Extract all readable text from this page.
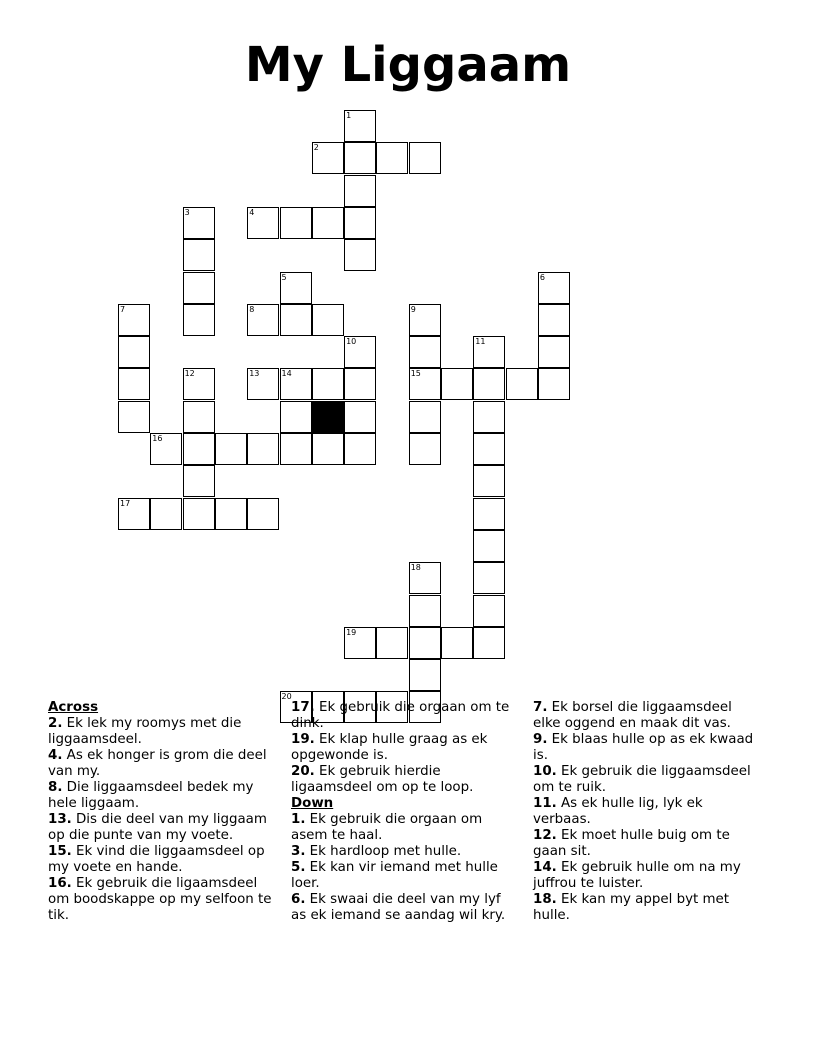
My Liggaam
1
2
3	4
5	6
7	8	9
10	11
12	13	14	15
16
17
18
19
20
Across
2. Ek lek my roomys met die liggaamsdeel.
4. As ek honger is grom die deel van my.
8. Die liggaamsdeel bedek my hele liggaam.
13. Dis die deel van my liggaam op die punte van my voete.
15. Ek vind die liggaamsdeel op my voete en hande.
16. Ek gebruik die ligaamsdeel om boodskappe op my selfoon te tik.
17. Ek gebruik die orgaan om te dink.
19. Ek klap hulle graag as ek opgewonde is.
20. Ek gebruik hierdie ligaamsdeel om op te loop.
Down
1. Ek gebruik die orgaan om asem te haal.
3. Ek hardloop met hulle.
5. Ek kan vir iemand met hulle loer.
6. Ek swaai die deel van my lyf as ek iemand se aandag wil kry.
7. Ek borsel die liggaamsdeel elke oggend en maak dit vas.
9. Ek blaas hulle op as ek kwaad is.
10. Ek gebruik die liggaamsdeel om te ruik.
11. As ek hulle lig, lyk ek verbaas.
12. Ek moet hulle buig om te gaan sit.
14. Ek gebruik hulle om na my juffrou te luister.
18. Ek kan my appel byt met hulle.
